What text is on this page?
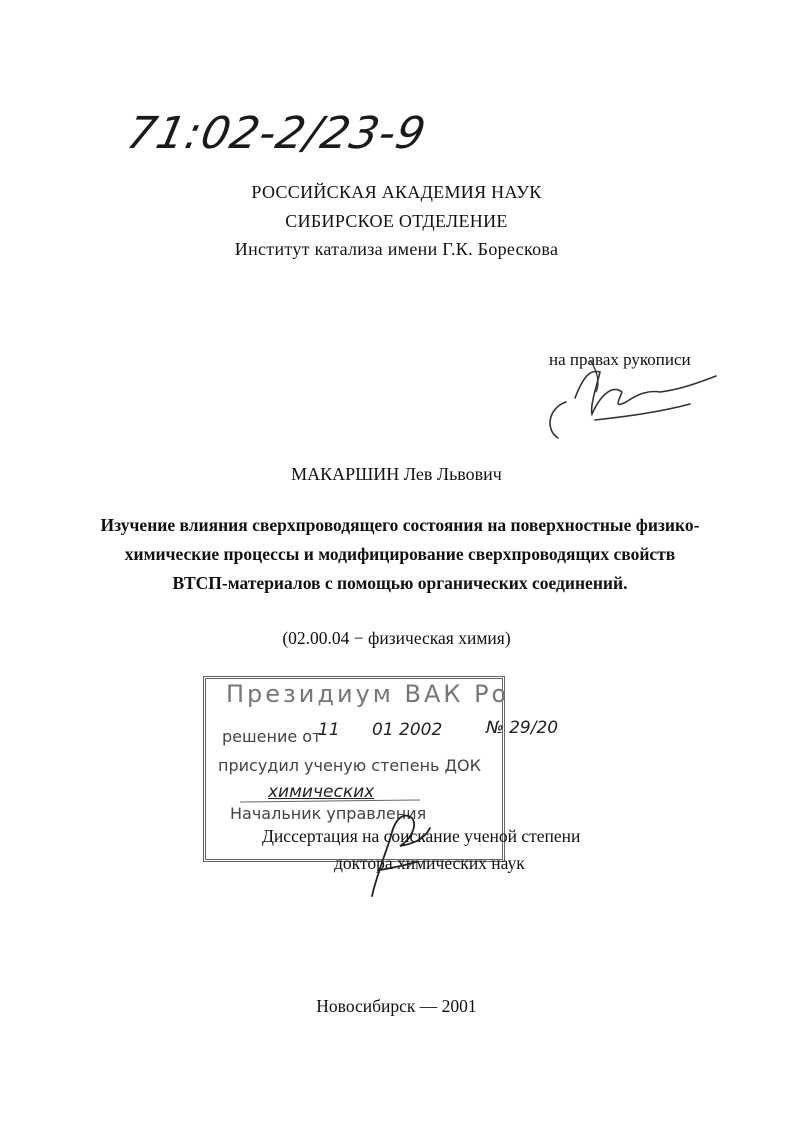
71:02-2/23-9
РОССИЙСКАЯ АКАДЕМИЯ НАУК
СИБИРСКОЕ ОТДЕЛЕНИЕ
Институт катализа имени Г.К. Борескова
на правах рукописи
МАКАРШИН Лев Львович
Изучение влияния сверхпроводящего состояния на поверхностные физико-химические процессы и модифицирование сверхпроводящих свойств ВТСП-материалов с помощью органических соединений.
(02.00.04 − физическая химия)
Президиум ВАК Ро
решение от
11 01 2002	№ 29/20
присудил ученую степень ДОК
химических
Начальник управления
Диссертация на соискание ученой степени
доктора химических наук
Новосибирск — 2001
